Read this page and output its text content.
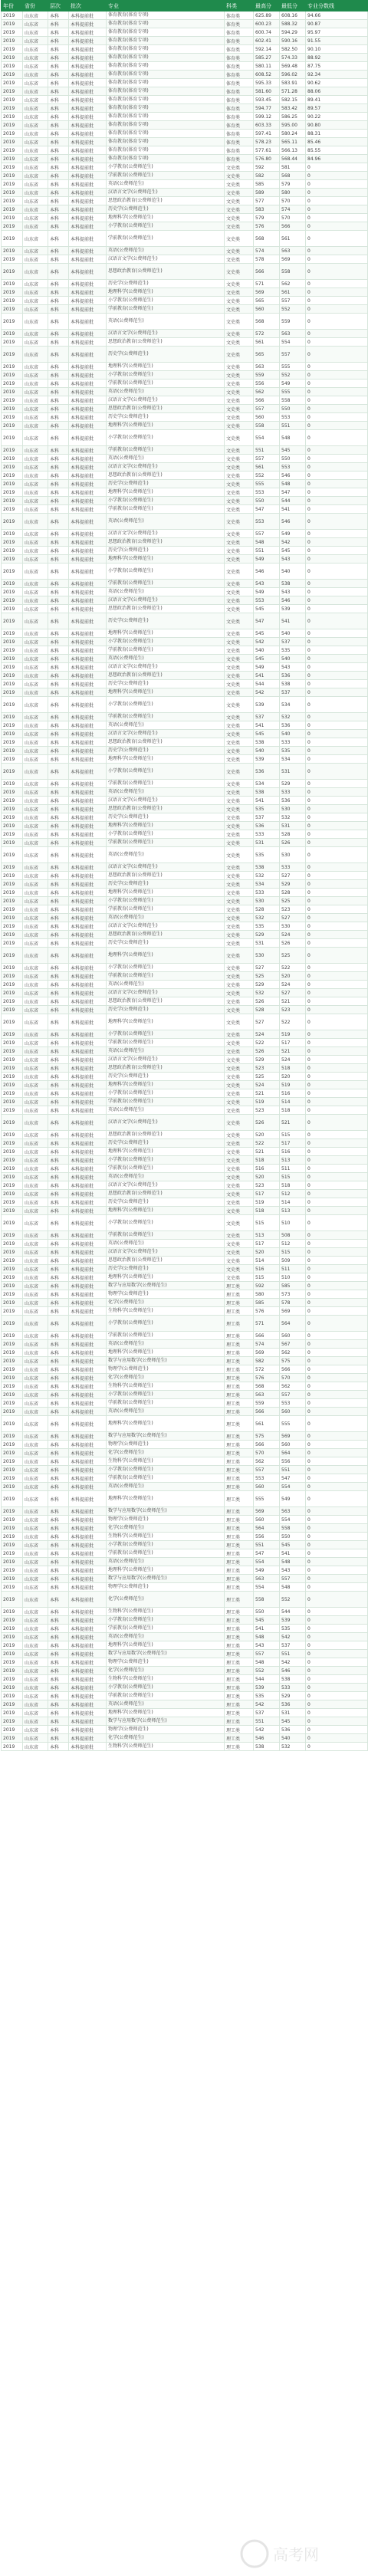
年份	省份	层次	批次	专业	科类	最高分	最低分	专业分数线
2019	山东省	本科	本科提前批	体育教育(体育专项)	体育类	625.89	608.16	94.66
2019	山东省	本科	本科提前批	体育教育(体育专项)	体育类	600.23	588.32	90.87
2019	山东省	本科	本科提前批	体育教育(体育专项)	体育类	600.74	594.29	95.97
2019	山东省	本科	本科提前批	体育教育(体育专项)	体育类	602.41	590.16	91.55
2019	山东省	本科	本科提前批	体育教育(体育专项)	体育类	592.14	582.50	90.10
2019	山东省	本科	本科提前批	体育教育(体育专项)	体育类	585.27	574.33	88.92
2019	山东省	本科	本科提前批	体育教育(体育专项)	体育类	580.11	569.48	87.75
2019	山东省	本科	本科提前批	体育教育(体育专项)	体育类	608.52	596.02	92.34
2019	山东省	本科	本科提前批	体育教育(体育专项)	体育类	595.33	583.91	90.62
2019	山东省	本科	本科提前批	体育教育(体育专项)	体育类	581.60	571.28	88.06
2019	山东省	本科	本科提前批	体育教育(体育专项)	体育类	593.45	582.15	89.41
2019	山东省	本科	本科提前批	体育教育(体育专项)	体育类	594.77	583.42	89.57
2019	山东省	本科	本科提前批	体育教育(体育专项)	体育类	599.12	586.25	90.22
2019	山东省	本科	本科提前批	体育教育(体育专项)	体育类	603.33	595.00	90.80
2019	山东省	本科	本科提前批	体育教育(体育专项)	体育类	597.41	580.24	88.31
2019	山东省	本科	本科提前批	体育教育(体育专项)	体育类	578.23	565.11	85.46
2019	山东省	本科	本科提前批	体育教育(体育专项)	体育类	577.61	566.13	85.55
2019	山东省	本科	本科提前批	体育教育(体育专项)	体育类	576.80	568.44	84.96
2019	山东省	本科	本科提前批	小学教育(公费师范生)	文史类	592	581	0
2019	山东省	本科	本科提前批	学前教育(公费师范生)	文史类	582	568	0
2019	山东省	本科	本科提前批	英语(公费师范生)	文史类	585	579	0
2019	山东省	本科	本科提前批	汉语言文学(公费师范生)	文史类	589	580	0
2019	山东省	本科	本科提前批	思想政治教育(公费师范生)	文史类	577	570	0
2019	山东省	本科	本科提前批	历史学(公费师范生)	文史类	583	574	0
2019	山东省	本科	本科提前批	地理科学(公费师范生)	文史类	579	570	0
2019	山东省	本科	本科提前批	小学教育(公费师范生)	文史类	576	566	0
2019	山东省	本科	本科提前批	学前教育(公费师范生)	文史类	568	561	0
2019	山东省	本科	本科提前批	英语(公费师范生)	文史类	574	563	0
2019	山东省	本科	本科提前批	汉语言文学(公费师范生)	文史类	578	569	0
2019	山东省	本科	本科提前批	思想政治教育(公费师范生)	文史类	566	558	0
2019	山东省	本科	本科提前批	历史学(公费师范生)	文史类	571	562	0
2019	山东省	本科	本科提前批	地理科学(公费师范生)	文史类	569	561	0
2019	山东省	本科	本科提前批	小学教育(公费师范生)	文史类	565	557	0
2019	山东省	本科	本科提前批	学前教育(公费师范生)	文史类	560	552	0
2019	山东省	本科	本科提前批	英语(公费师范生)	文史类	568	559	0
2019	山东省	本科	本科提前批	汉语言文学(公费师范生)	文史类	572	563	0
2019	山东省	本科	本科提前批	思想政治教育(公费师范生)	文史类	561	554	0
2019	山东省	本科	本科提前批	历史学(公费师范生)	文史类	565	557	0
2019	山东省	本科	本科提前批	地理科学(公费师范生)	文史类	563	555	0
2019	山东省	本科	本科提前批	小学教育(公费师范生)	文史类	559	552	0
2019	山东省	本科	本科提前批	学前教育(公费师范生)	文史类	556	549	0
2019	山东省	本科	本科提前批	英语(公费师范生)	文史类	562	555	0
2019	山东省	本科	本科提前批	汉语言文学(公费师范生)	文史类	566	558	0
2019	山东省	本科	本科提前批	思想政治教育(公费师范生)	文史类	557	550	0
2019	山东省	本科	本科提前批	历史学(公费师范生)	文史类	560	553	0
2019	山东省	本科	本科提前批	地理科学(公费师范生)	文史类	558	551	0
2019	山东省	本科	本科提前批	小学教育(公费师范生)	文史类	554	548	0
2019	山东省	本科	本科提前批	学前教育(公费师范生)	文史类	551	545	0
2019	山东省	本科	本科提前批	英语(公费师范生)	文史类	557	550	0
2019	山东省	本科	本科提前批	汉语言文学(公费师范生)	文史类	561	553	0
2019	山东省	本科	本科提前批	思想政治教育(公费师范生)	文史类	552	546	0
2019	山东省	本科	本科提前批	历史学(公费师范生)	文史类	555	548	0
2019	山东省	本科	本科提前批	地理科学(公费师范生)	文史类	553	547	0
2019	山东省	本科	本科提前批	小学教育(公费师范生)	文史类	550	544	0
2019	山东省	本科	本科提前批	学前教育(公费师范生)	文史类	547	541	0
2019	山东省	本科	本科提前批	英语(公费师范生)	文史类	553	546	0
2019	山东省	本科	本科提前批	汉语言文学(公费师范生)	文史类	557	549	0
2019	山东省	本科	本科提前批	思想政治教育(公费师范生)	文史类	548	542	0
2019	山东省	本科	本科提前批	历史学(公费师范生)	文史类	551	545	0
2019	山东省	本科	本科提前批	地理科学(公费师范生)	文史类	549	543	0
2019	山东省	本科	本科提前批	小学教育(公费师范生)	文史类	546	540	0
2019	山东省	本科	本科提前批	学前教育(公费师范生)	文史类	543	538	0
2019	山东省	本科	本科提前批	英语(公费师范生)	文史类	549	543	0
2019	山东省	本科	本科提前批	汉语言文学(公费师范生)	文史类	553	546	0
2019	山东省	本科	本科提前批	思想政治教育(公费师范生)	文史类	545	539	0
2019	山东省	本科	本科提前批	历史学(公费师范生)	文史类	547	541	0
2019	山东省	本科	本科提前批	地理科学(公费师范生)	文史类	545	540	0
2019	山东省	本科	本科提前批	小学教育(公费师范生)	文史类	542	537	0
2019	山东省	本科	本科提前批	学前教育(公费师范生)	文史类	540	535	0
2019	山东省	本科	本科提前批	英语(公费师范生)	文史类	545	540	0
2019	山东省	本科	本科提前批	汉语言文学(公费师范生)	文史类	549	543	0
2019	山东省	本科	本科提前批	思想政治教育(公费师范生)	文史类	541	536	0
2019	山东省	本科	本科提前批	历史学(公费师范生)	文史类	544	538	0
2019	山东省	本科	本科提前批	地理科学(公费师范生)	文史类	542	537	0
2019	山东省	本科	本科提前批	小学教育(公费师范生)	文史类	539	534	0
2019	山东省	本科	本科提前批	学前教育(公费师范生)	文史类	537	532	0
2019	山东省	本科	本科提前批	英语(公费师范生)	文史类	541	536	0
2019	山东省	本科	本科提前批	汉语言文学(公费师范生)	文史类	545	540	0
2019	山东省	本科	本科提前批	思想政治教育(公费师范生)	文史类	538	533	0
2019	山东省	本科	本科提前批	历史学(公费师范生)	文史类	540	535	0
2019	山东省	本科	本科提前批	地理科学(公费师范生)	文史类	539	534	0
2019	山东省	本科	本科提前批	小学教育(公费师范生)	文史类	536	531	0
2019	山东省	本科	本科提前批	学前教育(公费师范生)	文史类	534	529	0
2019	山东省	本科	本科提前批	英语(公费师范生)	文史类	538	533	0
2019	山东省	本科	本科提前批	汉语言文学(公费师范生)	文史类	541	536	0
2019	山东省	本科	本科提前批	思想政治教育(公费师范生)	文史类	535	530	0
2019	山东省	本科	本科提前批	历史学(公费师范生)	文史类	537	532	0
2019	山东省	本科	本科提前批	地理科学(公费师范生)	文史类	536	531	0
2019	山东省	本科	本科提前批	小学教育(公费师范生)	文史类	533	528	0
2019	山东省	本科	本科提前批	学前教育(公费师范生)	文史类	531	526	0
2019	山东省	本科	本科提前批	英语(公费师范生)	文史类	535	530	0
2019	山东省	本科	本科提前批	汉语言文学(公费师范生)	文史类	538	533	0
2019	山东省	本科	本科提前批	思想政治教育(公费师范生)	文史类	532	527	0
2019	山东省	本科	本科提前批	历史学(公费师范生)	文史类	534	529	0
2019	山东省	本科	本科提前批	地理科学(公费师范生)	文史类	533	528	0
2019	山东省	本科	本科提前批	小学教育(公费师范生)	文史类	530	525	0
2019	山东省	本科	本科提前批	学前教育(公费师范生)	文史类	528	523	0
2019	山东省	本科	本科提前批	英语(公费师范生)	文史类	532	527	0
2019	山东省	本科	本科提前批	汉语言文学(公费师范生)	文史类	535	530	0
2019	山东省	本科	本科提前批	思想政治教育(公费师范生)	文史类	529	524	0
2019	山东省	本科	本科提前批	历史学(公费师范生)	文史类	531	526	0
2019	山东省	本科	本科提前批	地理科学(公费师范生)	文史类	530	525	0
2019	山东省	本科	本科提前批	小学教育(公费师范生)	文史类	527	522	0
2019	山东省	本科	本科提前批	学前教育(公费师范生)	文史类	525	520	0
2019	山东省	本科	本科提前批	英语(公费师范生)	文史类	529	524	0
2019	山东省	本科	本科提前批	汉语言文学(公费师范生)	文史类	532	527	0
2019	山东省	本科	本科提前批	思想政治教育(公费师范生)	文史类	526	521	0
2019	山东省	本科	本科提前批	历史学(公费师范生)	文史类	528	523	0
2019	山东省	本科	本科提前批	地理科学(公费师范生)	文史类	527	522	0
2019	山东省	本科	本科提前批	小学教育(公费师范生)	文史类	524	519	0
2019	山东省	本科	本科提前批	学前教育(公费师范生)	文史类	522	517	0
2019	山东省	本科	本科提前批	英语(公费师范生)	文史类	526	521	0
2019	山东省	本科	本科提前批	汉语言文学(公费师范生)	文史类	529	524	0
2019	山东省	本科	本科提前批	思想政治教育(公费师范生)	文史类	523	518	0
2019	山东省	本科	本科提前批	历史学(公费师范生)	文史类	525	520	0
2019	山东省	本科	本科提前批	地理科学(公费师范生)	文史类	524	519	0
2019	山东省	本科	本科提前批	小学教育(公费师范生)	文史类	521	516	0
2019	山东省	本科	本科提前批	学前教育(公费师范生)	文史类	519	514	0
2019	山东省	本科	本科提前批	英语(公费师范生)	文史类	523	518	0
2019	山东省	本科	本科提前批	汉语言文学(公费师范生)	文史类	526	521	0
2019	山东省	本科	本科提前批	思想政治教育(公费师范生)	文史类	520	515	0
2019	山东省	本科	本科提前批	历史学(公费师范生)	文史类	522	517	0
2019	山东省	本科	本科提前批	地理科学(公费师范生)	文史类	521	516	0
2019	山东省	本科	本科提前批	小学教育(公费师范生)	文史类	518	513	0
2019	山东省	本科	本科提前批	学前教育(公费师范生)	文史类	516	511	0
2019	山东省	本科	本科提前批	英语(公费师范生)	文史类	520	515	0
2019	山东省	本科	本科提前批	汉语言文学(公费师范生)	文史类	523	518	0
2019	山东省	本科	本科提前批	思想政治教育(公费师范生)	文史类	517	512	0
2019	山东省	本科	本科提前批	历史学(公费师范生)	文史类	519	514	0
2019	山东省	本科	本科提前批	地理科学(公费师范生)	文史类	518	513	0
2019	山东省	本科	本科提前批	小学教育(公费师范生)	文史类	515	510	0
2019	山东省	本科	本科提前批	学前教育(公费师范生)	文史类	513	508	0
2019	山东省	本科	本科提前批	英语(公费师范生)	文史类	517	512	0
2019	山东省	本科	本科提前批	汉语言文学(公费师范生)	文史类	520	515	0
2019	山东省	本科	本科提前批	思想政治教育(公费师范生)	文史类	514	509	0
2019	山东省	本科	本科提前批	历史学(公费师范生)	文史类	516	511	0
2019	山东省	本科	本科提前批	地理科学(公费师范生)	文史类	515	510	0
2019	山东省	本科	本科提前批	数学与应用数学(公费师范生)	理工类	592	585	0
2019	山东省	本科	本科提前批	物理学(公费师范生)	理工类	580	573	0
2019	山东省	本科	本科提前批	化学(公费师范生)	理工类	585	578	0
2019	山东省	本科	本科提前批	生物科学(公费师范生)	理工类	576	569	0
2019	山东省	本科	本科提前批	小学教育(公费师范生)	理工类	571	564	0
2019	山东省	本科	本科提前批	学前教育(公费师范生)	理工类	566	560	0
2019	山东省	本科	本科提前批	英语(公费师范生)	理工类	574	567	0
2019	山东省	本科	本科提前批	地理科学(公费师范生)	理工类	569	562	0
2019	山东省	本科	本科提前批	数学与应用数学(公费师范生)	理工类	582	575	0
2019	山东省	本科	本科提前批	物理学(公费师范生)	理工类	572	566	0
2019	山东省	本科	本科提前批	化学(公费师范生)	理工类	576	570	0
2019	山东省	本科	本科提前批	生物科学(公费师范生)	理工类	568	562	0
2019	山东省	本科	本科提前批	小学教育(公费师范生)	理工类	563	557	0
2019	山东省	本科	本科提前批	学前教育(公费师范生)	理工类	559	553	0
2019	山东省	本科	本科提前批	英语(公费师范生)	理工类	566	560	0
2019	山东省	本科	本科提前批	地理科学(公费师范生)	理工类	561	555	0
2019	山东省	本科	本科提前批	数学与应用数学(公费师范生)	理工类	575	569	0
2019	山东省	本科	本科提前批	物理学(公费师范生)	理工类	566	560	0
2019	山东省	本科	本科提前批	化学(公费师范生)	理工类	570	564	0
2019	山东省	本科	本科提前批	生物科学(公费师范生)	理工类	562	556	0
2019	山东省	本科	本科提前批	小学教育(公费师范生)	理工类	557	551	0
2019	山东省	本科	本科提前批	学前教育(公费师范生)	理工类	553	547	0
2019	山东省	本科	本科提前批	英语(公费师范生)	理工类	560	554	0
2019	山东省	本科	本科提前批	地理科学(公费师范生)	理工类	555	549	0
2019	山东省	本科	本科提前批	数学与应用数学(公费师范生)	理工类	569	563	0
2019	山东省	本科	本科提前批	物理学(公费师范生)	理工类	560	554	0
2019	山东省	本科	本科提前批	化学(公费师范生)	理工类	564	558	0
2019	山东省	本科	本科提前批	生物科学(公费师范生)	理工类	556	550	0
2019	山东省	本科	本科提前批	小学教育(公费师范生)	理工类	551	545	0
2019	山东省	本科	本科提前批	学前教育(公费师范生)	理工类	547	541	0
2019	山东省	本科	本科提前批	英语(公费师范生)	理工类	554	548	0
2019	山东省	本科	本科提前批	地理科学(公费师范生)	理工类	549	543	0
2019	山东省	本科	本科提前批	数学与应用数学(公费师范生)	理工类	563	557	0
2019	山东省	本科	本科提前批	物理学(公费师范生)	理工类	554	548	0
2019	山东省	本科	本科提前批	化学(公费师范生)	理工类	558	552	0
2019	山东省	本科	本科提前批	生物科学(公费师范生)	理工类	550	544	0
2019	山东省	本科	本科提前批	小学教育(公费师范生)	理工类	545	539	0
2019	山东省	本科	本科提前批	学前教育(公费师范生)	理工类	541	535	0
2019	山东省	本科	本科提前批	英语(公费师范生)	理工类	548	542	0
2019	山东省	本科	本科提前批	地理科学(公费师范生)	理工类	543	537	0
2019	山东省	本科	本科提前批	数学与应用数学(公费师范生)	理工类	557	551	0
2019	山东省	本科	本科提前批	物理学(公费师范生)	理工类	548	542	0
2019	山东省	本科	本科提前批	化学(公费师范生)	理工类	552	546	0
2019	山东省	本科	本科提前批	生物科学(公费师范生)	理工类	544	538	0
2019	山东省	本科	本科提前批	小学教育(公费师范生)	理工类	539	533	0
2019	山东省	本科	本科提前批	学前教育(公费师范生)	理工类	535	529	0
2019	山东省	本科	本科提前批	英语(公费师范生)	理工类	542	536	0
2019	山东省	本科	本科提前批	地理科学(公费师范生)	理工类	537	531	0
2019	山东省	本科	本科提前批	数学与应用数学(公费师范生)	理工类	551	545	0
2019	山东省	本科	本科提前批	物理学(公费师范生)	理工类	542	536	0
2019	山东省	本科	本科提前批	化学(公费师范生)	理工类	546	540	0
2019	山东省	本科	本科提前批	生物科学(公费师范生)	理工类	538	532	0
高考网
